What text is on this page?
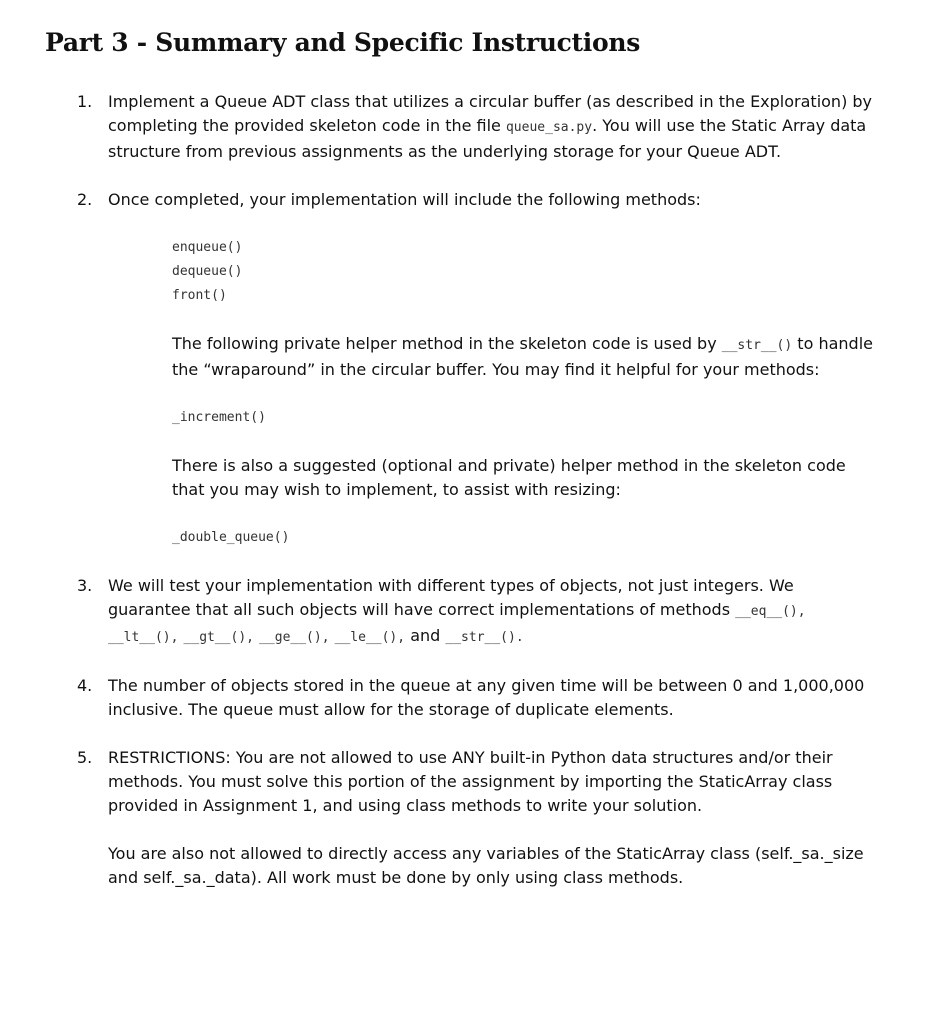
Part 3 - Summary and Specific Instructions
1. Implement a Queue ADT class that utilizes a circular buffer (as described in the Exploration) by completing the provided skeleton code in the file queue_sa.py. You will use the Static Array data structure from previous assignments as the underlying storage for your Queue ADT.
2. Once completed, your implementation will include the following methods:
enqueue()
dequeue()
front()
The following private helper method in the skeleton code is used by __str__() to handle the “wraparound” in the circular buffer. You may find it helpful for your methods:
_increment()
There is also a suggested (optional and private) helper method in the skeleton code that you may wish to implement, to assist with resizing:
_double_queue()
3. We will test your implementation with different types of objects, not just integers. We guarantee that all such objects will have correct implementations of methods __eq__(), __lt__(), __gt__(), __ge__(), __le__(), and __str__().
4. The number of objects stored in the queue at any given time will be between 0 and 1,000,000 inclusive. The queue must allow for the storage of duplicate elements.
5. RESTRICTIONS: You are not allowed to use ANY built-in Python data structures and/or their methods. You must solve this portion of the assignment by importing the StaticArray class provided in Assignment 1, and using class methods to write your solution.
You are also not allowed to directly access any variables of the StaticArray class (self._sa._size and self._sa._data). All work must be done by only using class methods.
